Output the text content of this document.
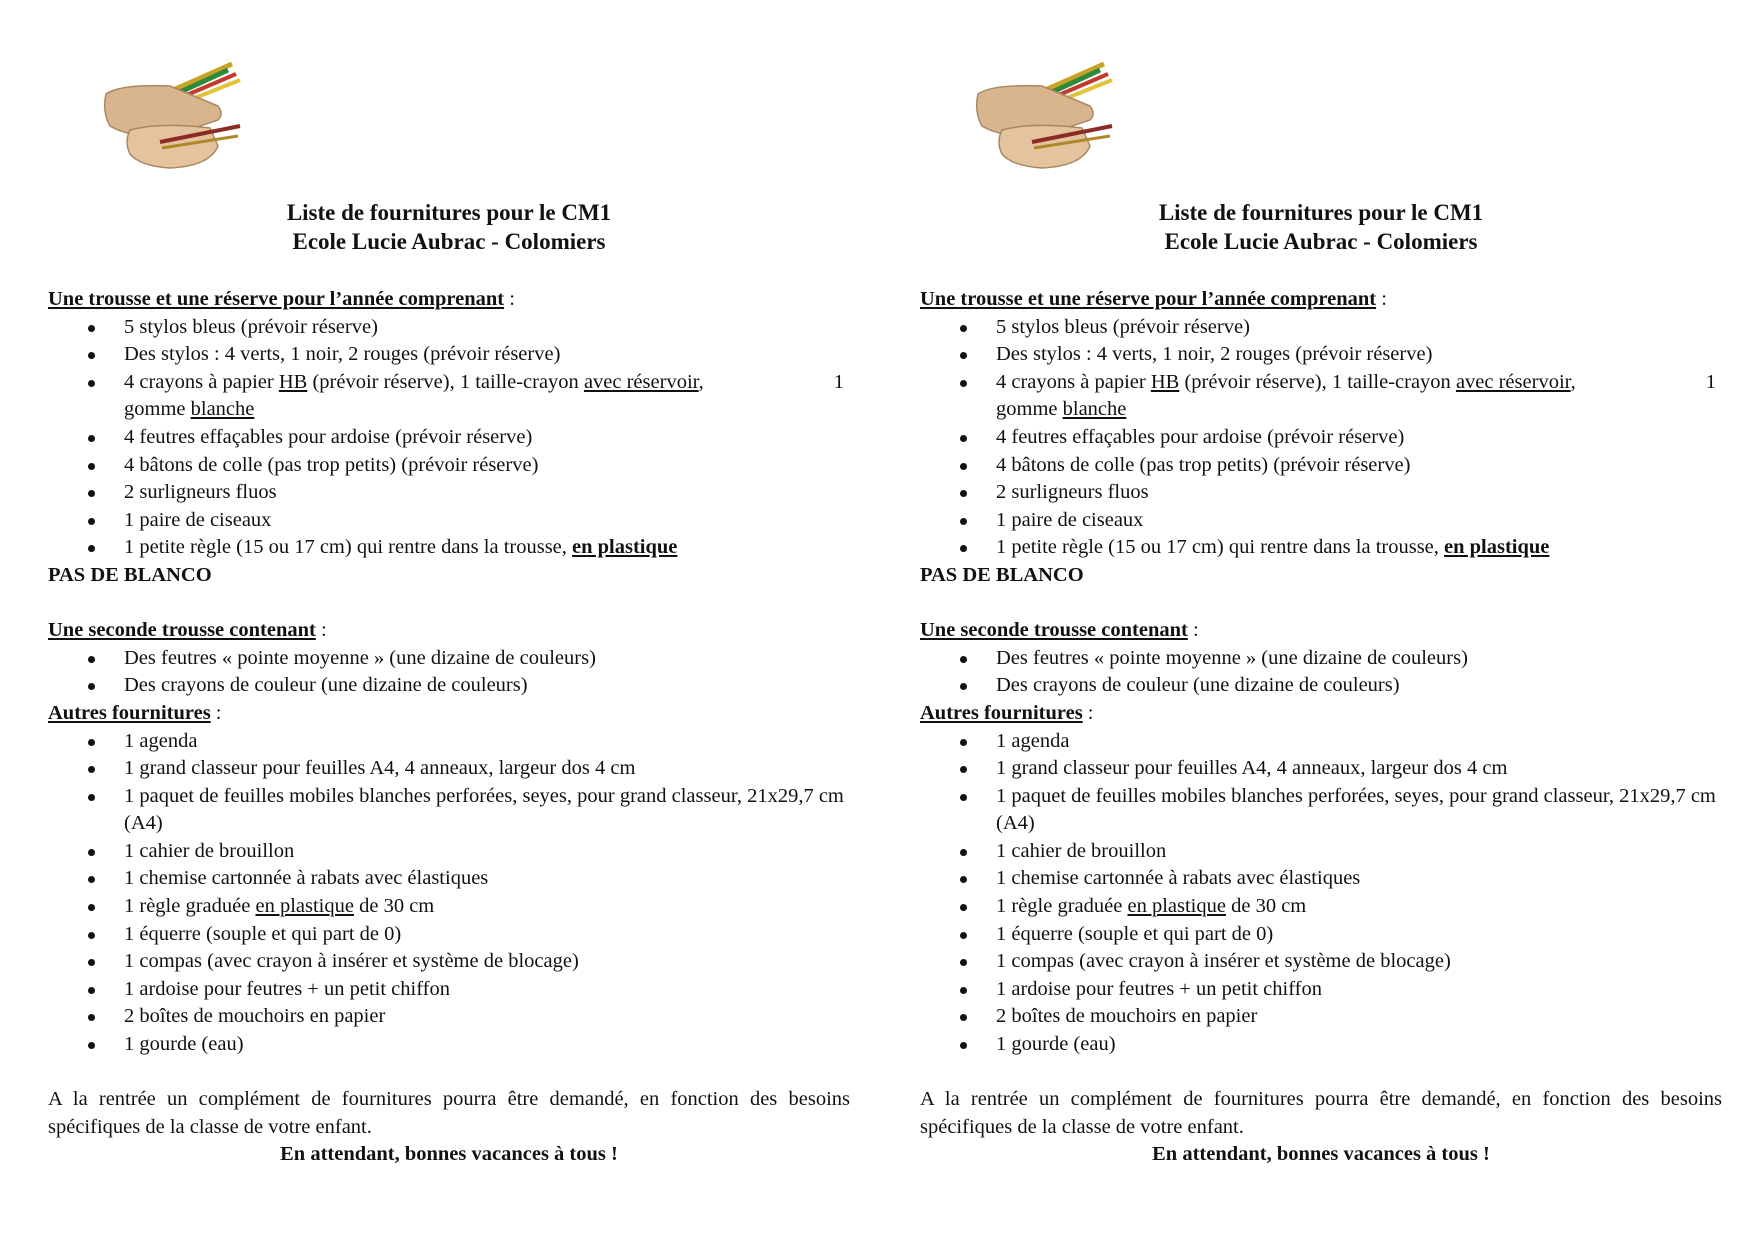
Liste de fournitures pour le CM1
Ecole Lucie Aubrac - Colomiers

Une trousse et une réserve pour l’année comprenant :

5 stylos bleus (prévoir réserve)
Des stylos : 4 verts, 1 noir, 2 rouges (prévoir réserve)
4 crayons à papier HB (prévoir réserve), 1 taille-crayon avec réservoir,	1

gomme blanche
4 feutres effaçables pour ardoise (prévoir réserve)
4 bâtons de colle (pas trop petits) (prévoir réserve)
2 surligneurs fluos
1 paire de ciseaux
1 petite règle (15 ou 17 cm) qui rentre dans la trousse, en plastique

PAS DE BLANCO

Une seconde trousse contenant :

Des feutres « pointe moyenne » (une dizaine de couleurs)
Des crayons de couleur (une dizaine de couleurs)

Autres fournitures :

1 agenda
1 grand classeur pour feuilles A4, 4 anneaux, largeur dos 4 cm
1 paquet de feuilles mobiles blanches perforées, seyes, pour grand classeur, 21x29,7 cm (A4)
1 cahier de brouillon
1 chemise cartonnée à rabats avec élastiques
1 règle graduée en plastique de 30 cm
1 équerre (souple et qui part de 0)
1 compas (avec crayon à insérer et système de blocage)
1 ardoise pour feutres + un petit chiffon
2 boîtes de mouchoirs en papier
1 gourde (eau)

A la rentrée un complément de fournitures pourra être demandé, en fonction des besoins spécifiques de la classe de votre enfant.

En attendant, bonnes vacances à tous !

Liste de fournitures pour le CM1
Ecole Lucie Aubrac - Colomiers

Une trousse et une réserve pour l’année comprenant :

5 stylos bleus (prévoir réserve)
Des stylos : 4 verts, 1 noir, 2 rouges (prévoir réserve)
4 crayons à papier HB (prévoir réserve), 1 taille-crayon avec réservoir,	1

gomme blanche
4 feutres effaçables pour ardoise (prévoir réserve)
4 bâtons de colle (pas trop petits) (prévoir réserve)
2 surligneurs fluos
1 paire de ciseaux
1 petite règle (15 ou 17 cm) qui rentre dans la trousse, en plastique

PAS DE BLANCO

Une seconde trousse contenant :

Des feutres « pointe moyenne » (une dizaine de couleurs)
Des crayons de couleur (une dizaine de couleurs)

Autres fournitures :

1 agenda
1 grand classeur pour feuilles A4, 4 anneaux, largeur dos 4 cm
1 paquet de feuilles mobiles blanches perforées, seyes, pour grand classeur, 21x29,7 cm (A4)
1 cahier de brouillon
1 chemise cartonnée à rabats avec élastiques
1 règle graduée en plastique de 30 cm
1 équerre (souple et qui part de 0)
1 compas (avec crayon à insérer et système de blocage)
1 ardoise pour feutres + un petit chiffon
2 boîtes de mouchoirs en papier
1 gourde (eau)

A la rentrée un complément de fournitures pourra être demandé, en fonction des besoins spécifiques de la classe de votre enfant.

En attendant, bonnes vacances à tous !
